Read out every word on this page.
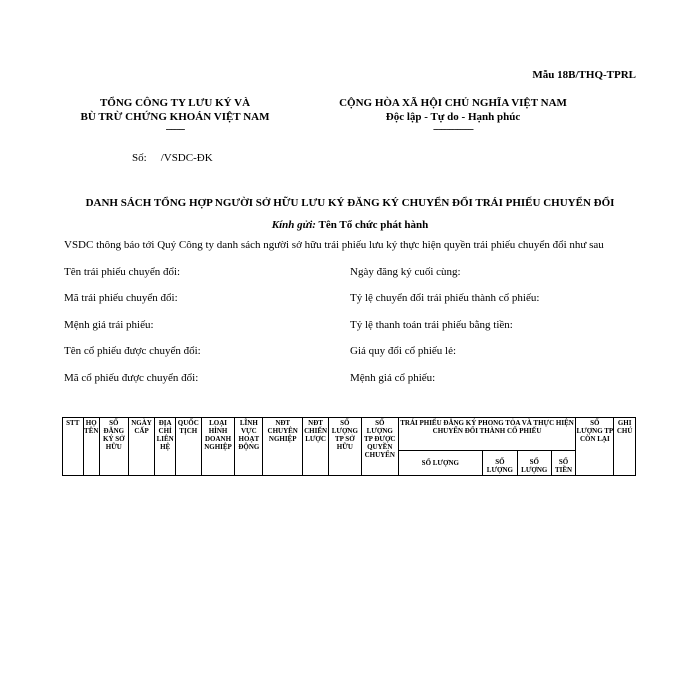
Mẫu 18B/THQ-TPRL
TỔNG CÔNG TY LƯU KÝ VÀ
BÙ TRỪ CHỨNG KHOÁN VIỆT NAM
-------
CỘNG HÒA XÃ HỘI CHỦ NGHĨA VIỆT NAM
Độc lập - Tự do - Hạnh phúc
---------------
Số: /VSDC-ĐK
DANH SÁCH TỔNG HỢP NGƯỜI SỞ HỮU LƯU KÝ ĐĂNG KÝ CHUYỂN ĐỔI TRÁI PHIẾU CHUYỂN ĐỔI
Kính gửi: Tên Tổ chức phát hành
VSDC thông báo tới Quý Công ty danh sách người sở hữu trái phiếu lưu ký thực hiện quyền trái phiếu chuyển đổi như sau
Tên trái phiếu chuyển đổi:
Mã trái phiếu chuyển đổi:
Mệnh giá trái phiếu:
Tên cổ phiếu được chuyển đổi:
Mã cổ phiếu được chuyển đổi:
Ngày đăng ký cuối cùng:
Tỷ lệ chuyển đổi trái phiếu thành cổ phiếu:
Tỷ lệ thanh toán trái phiếu bằng tiền:
Giá quy đổi cổ phiếu lẻ:
Mệnh giá cổ phiếu:
STT	HỌ TÊN	SỐ ĐĂNG KÝ SỞ HỮU	NGÀY CẤP	ĐỊA CHỈ LIÊN HỆ	QUỐC TỊCH	LOẠI HÌNH DOANH NGHIỆP	LĨNH VỰC HOẠT ĐỘNG	NĐT CHUYÊN NGHIỆP	NĐT CHIẾN LƯỢC	SỐ LƯỢNG TP SỞ HỮU	SỐ LƯỢNG TP ĐƯỢC QUYỀN CHUYỂN	TRÁI PHIẾU ĐĂNG KÝ PHONG TỎA VÀ THỰC HIỆN CHUYỂN ĐỔI THÀNH CỔ PHIẾU				SỐ LƯỢNG TP CÒN LẠI	GHI CHÚ
												SỐ LƯỢNG	SỐ LƯỢNG	SỐ LƯỢNG	SỐ TIỀN		
